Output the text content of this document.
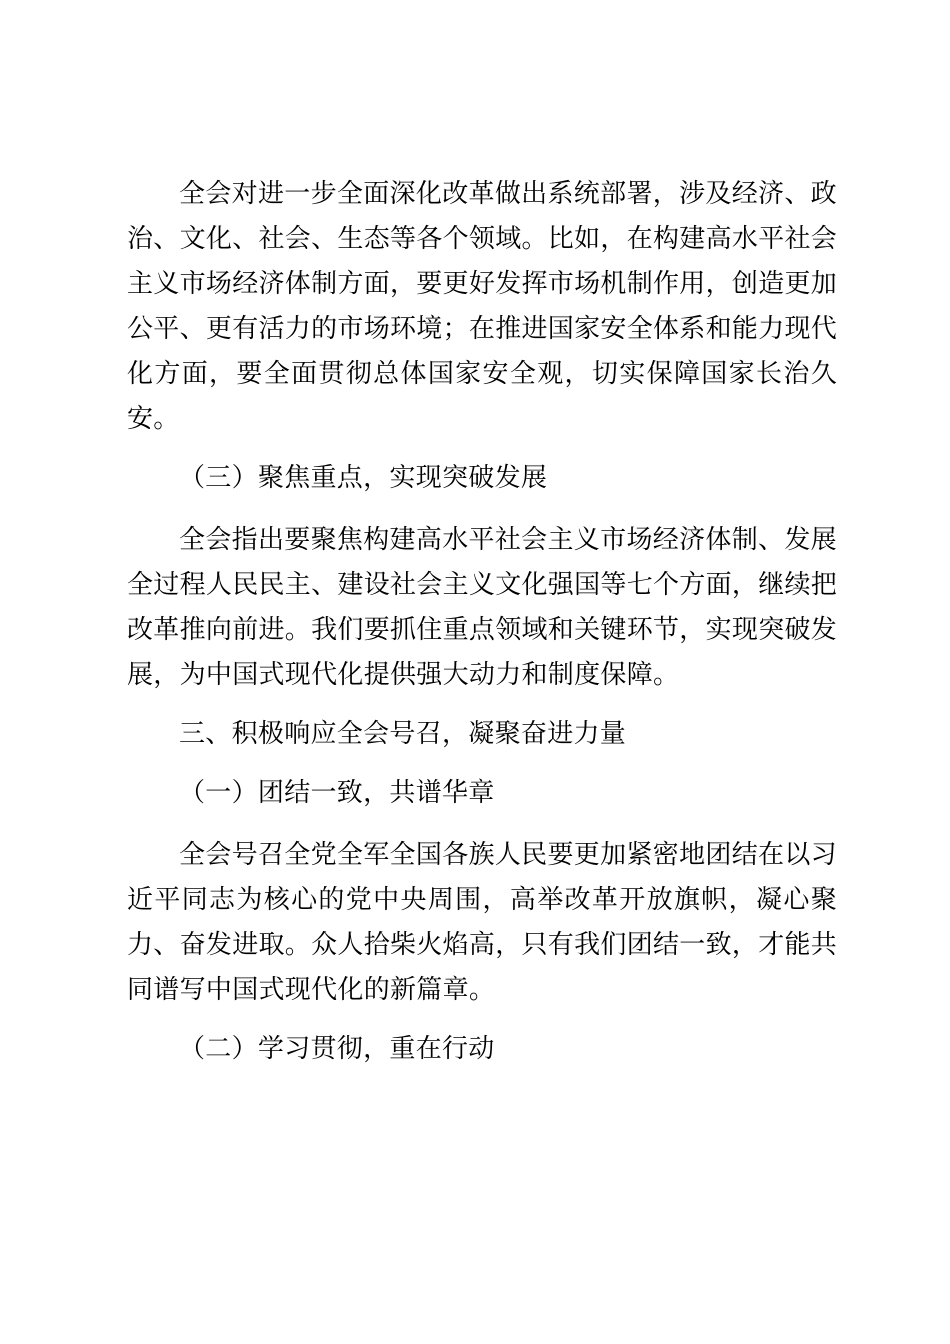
全会对进一步全面深化改革做出系统部署，涉及经济、政
治、文化、社会、生态等各个领域。比如，在构建高水平社会
主义市场经济体制方面，要更好发挥市场机制作用，创造更加
公平、更有活力的市场环境；在推进国家安全体系和能力现代
化方面，要全面贯彻总体国家安全观，切实保障国家长治久
安。

（三）聚焦重点，实现突破发展

全会指出要聚焦构建高水平社会主义市场经济体制、发展
全过程人民民主、建设社会主义文化强国等七个方面，继续把
改革推向前进。我们要抓住重点领域和关键环节，实现突破发
展，为中国式现代化提供强大动力和制度保障。

三、积极响应全会号召，凝聚奋进力量

（一）团结一致，共谱华章

全会号召全党全军全国各族人民要更加紧密地团结在以习
近平同志为核心的党中央周围，高举改革开放旗帜，凝心聚
力、奋发进取。众人拾柴火焰高，只有我们团结一致，才能共
同谱写中国式现代化的新篇章。

（二）学习贯彻，重在行动
